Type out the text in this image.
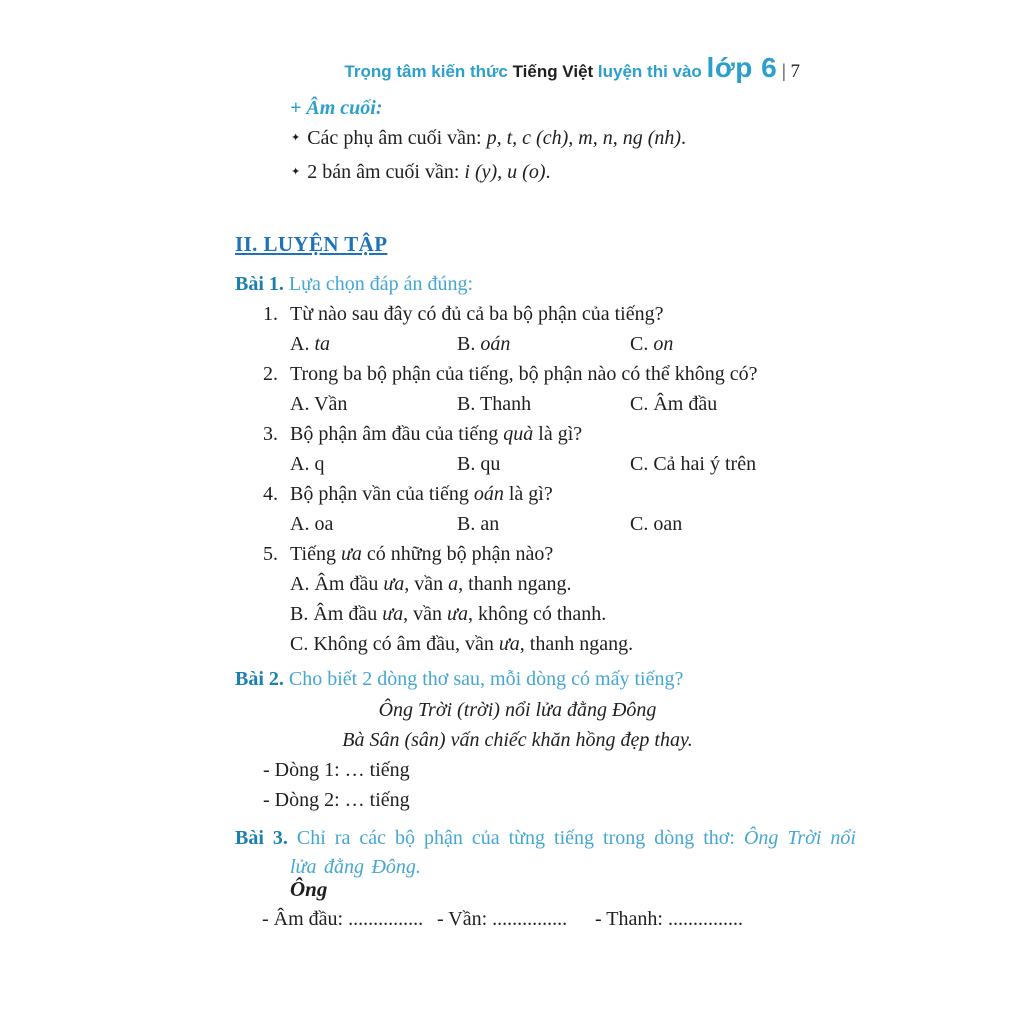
Trọng tâm kiến thức Tiếng Việt luyện thi vào lớp 6 | 7
+ Âm cuối:
✦ Các phụ âm cuối vần: p, t, c (ch), m, n, ng (nh).
✦ 2 bán âm cuối vần: i (y), u (o).
II. LUYỆN TẬP
Bài 1. Lựa chọn đáp án đúng:
1. Từ nào sau đây có đủ cả ba bộ phận của tiếng?
A. ta	B. oán	C. on
2. Trong ba bộ phận của tiếng, bộ phận nào có thể không có?
A. Vần	B. Thanh	C. Âm đầu
3. Bộ phận âm đầu của tiếng quà là gì?
A. q	B. qu	C. Cả hai ý trên
4. Bộ phận vần của tiếng oán là gì?
A. oa	B. an	C. oan
5. Tiếng ưa có những bộ phận nào?
A. Âm đầu ưa, vần a, thanh ngang.
B. Âm đầu ưa, vần ưa, không có thanh.
C. Không có âm đầu, vần ưa, thanh ngang.
Bài 2. Cho biết 2 dòng thơ sau, mỗi dòng có mấy tiếng?
Ông Trời (trời) nổi lửa đằng Đông
Bà Sân (sân) vấn chiếc khăn hồng đẹp thay.
- Dòng 1: … tiếng
- Dòng 2: … tiếng
Bài 3. Chỉ ra các bộ phận của từng tiếng trong dòng thơ: Ông Trời nổi lửa đằng Đông.
Ông
- Âm đầu: ............... - Vần: ............... - Thanh: ...............
